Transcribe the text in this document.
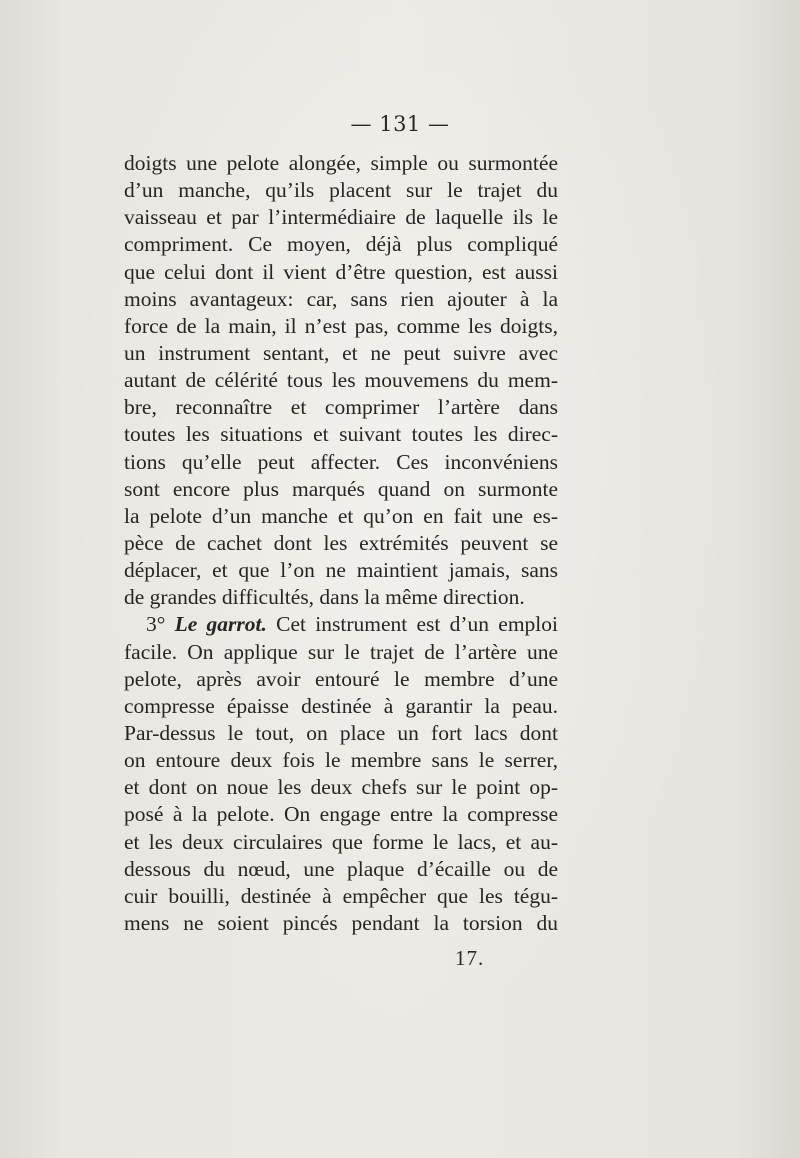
— 131 —
doigts une pelote alongée, simple ou surmontée
d’un manche, qu’ils placent sur le trajet du
vaisseau et par l’intermédiaire de laquelle ils le
compriment. Ce moyen, déjà plus compliqué
que celui dont il vient d’être question, est aussi
moins avantageux: car, sans rien ajouter à la
force de la main, il n’est pas, comme les doigts,
un instrument sentant, et ne peut suivre avec
autant de célérité tous les mouvemens du mem-
bre, reconnaître et comprimer l’artère dans
toutes les situations et suivant toutes les direc-
tions qu’elle peut affecter. Ces inconvéniens
sont encore plus marqués quand on surmonte
la pelote d’un manche et qu’on en fait une es-
pèce de cachet dont les extrémités peuvent se
déplacer, et que l’on ne maintient jamais, sans
de grandes difficultés, dans la même direction.
3° Le garrot. Cet instrument est d’un emploi
facile. On applique sur le trajet de l’artère une
pelote, après avoir entouré le membre d’une
compresse épaisse destinée à garantir la peau.
Par-dessus le tout, on place un fort lacs dont
on entoure deux fois le membre sans le serrer,
et dont on noue les deux chefs sur le point op-
posé à la pelote. On engage entre la compresse
et les deux circulaires que forme le lacs, et au-
dessous du nœud, une plaque d’écaille ou de
cuir bouilli, destinée à empêcher que les tégu-
mens ne soient pincés pendant la torsion du
17.
